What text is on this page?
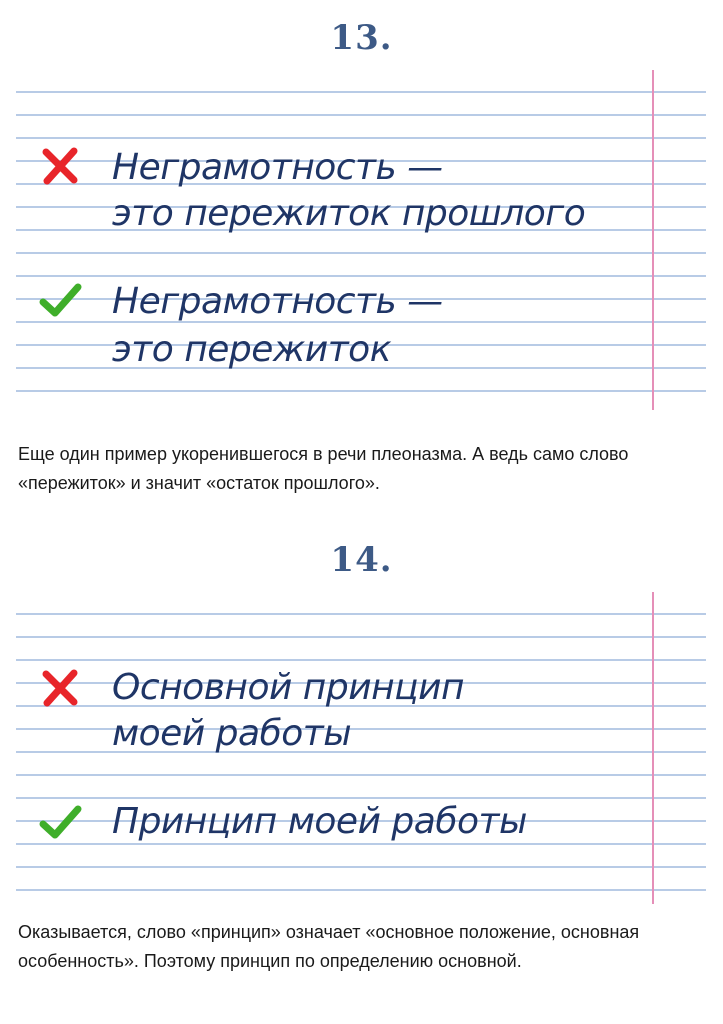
13.
Неграмотность —
это пережиток прошлого
Неграмотность —
это пережиток
Еще один пример укоренившегося в речи плеоназма. А ведь само слово «пережиток» и значит «остаток прошлого».
14.
Основной принцип
моей работы
Принцип моей работы
Оказывается, слово «принцип» означает «основное положение, основная особенность». Поэтому принцип по определению основной.
